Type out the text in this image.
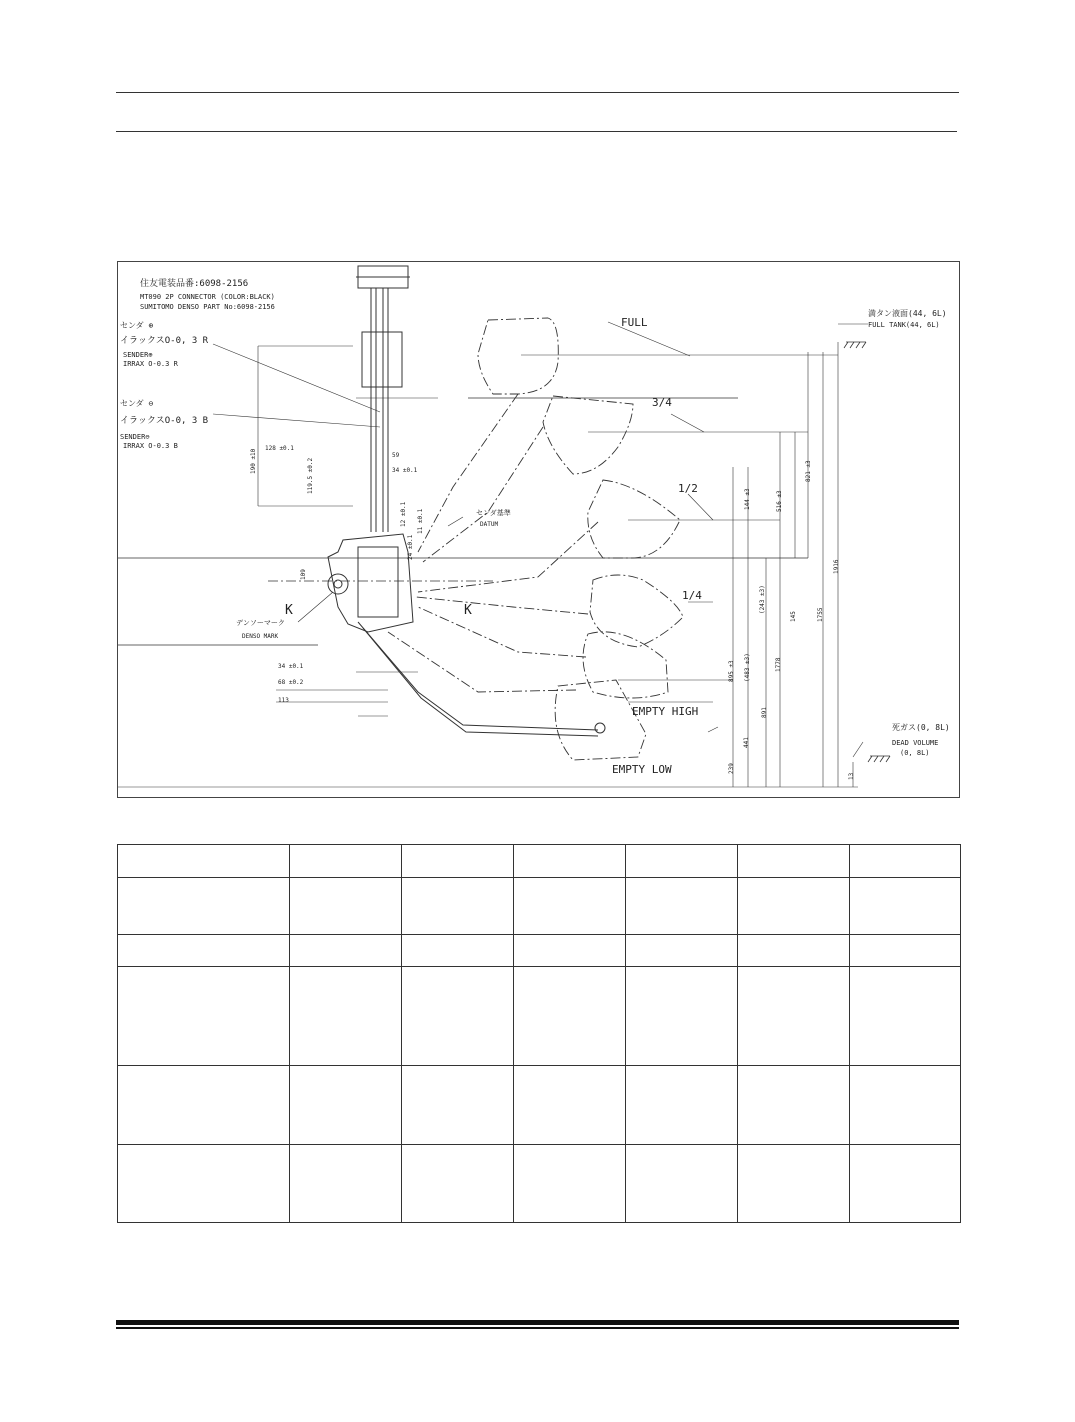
住友電装品番:6098-2156
MT090 2P CONNECTOR (COLOR:BLACK)
SUMITOMO DENSO PART No:6098-2156
センダ ⊕
イラックスO-0, 3 R
SENDER⊕
IRRAX O-0.3 R
センダ ⊖
イラックスO-0, 3 B
SENDER⊖
IRRAX O-0.3 B
センダ基準
DATUM
デンソーマーク
DENSO MARK
K	K
FULL
3/4
1/2
1/4
EMPTY HIGH
EMPTY LOW
満タン液面(44, 6L)
FULL TANK(44, 6L)
死ガス(0, 8L)
DEAD VOLUME
(0, 8L)
190 ±10
128 ±0.1
59
34 ±0.1
119.5 ±0.2
12 ±0.1 11 ±0.1
24 ±0.1
109
34 ±0.1
68 ±0.2
113
144 ±3	516 ±3
821 ±3
(243 ±3)
145	1755
1916
(483 ±3)
895 ±3	1778
891
441
239
13
